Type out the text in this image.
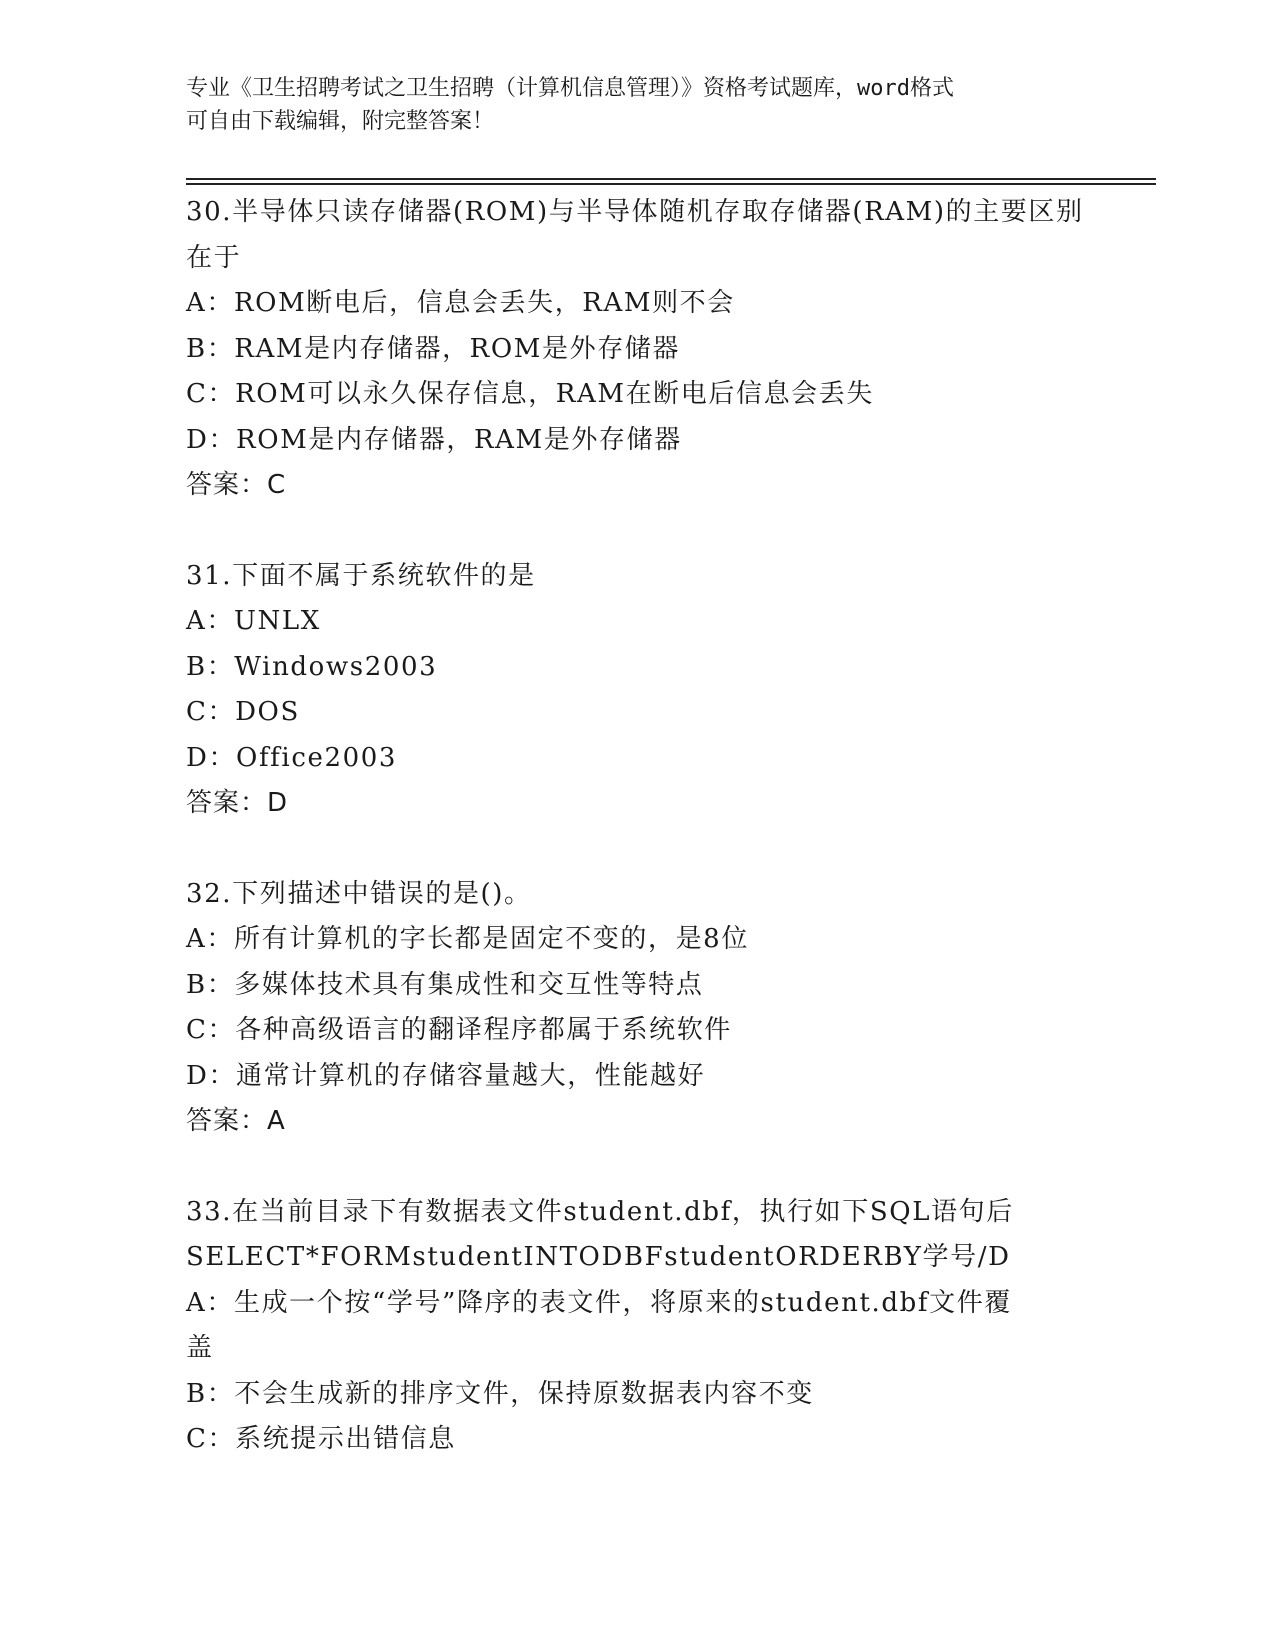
专业《卫生招聘考试之卫生招聘（计算机信息管理）》资格考试题库，word格式
可自由下载编辑，附完整答案！
30.半导体只读存储器(ROM)与半导体随机存取存储器(RAM)的主要区别
在于
A：ROM断电后，信息会丢失，RAM则不会
B：RAM是内存储器，ROM是外存储器
C：ROM可以永久保存信息，RAM在断电后信息会丢失
D：ROM是内存储器，RAM是外存储器
答案：C
31.下面不属于系统软件的是
A：UNLX
B：Windows2003
C：DOS
D：Office2003
答案：D
32.下列描述中错误的是()。
A：所有计算机的字长都是固定不变的，是8位
B：多媒体技术具有集成性和交互性等特点
C：各种高级语言的翻译程序都属于系统软件
D：通常计算机的存储容量越大，性能越好
答案：A
33.在当前目录下有数据表文件student.dbf，执行如下SQL语句后
SELECT*FORMstudentINTODBFstudentORDERBY学号/D
A：生成一个按“学号”降序的表文件，将原来的student.dbf文件覆
盖
B：不会生成新的排序文件，保持原数据表内容不变
C：系统提示出错信息
